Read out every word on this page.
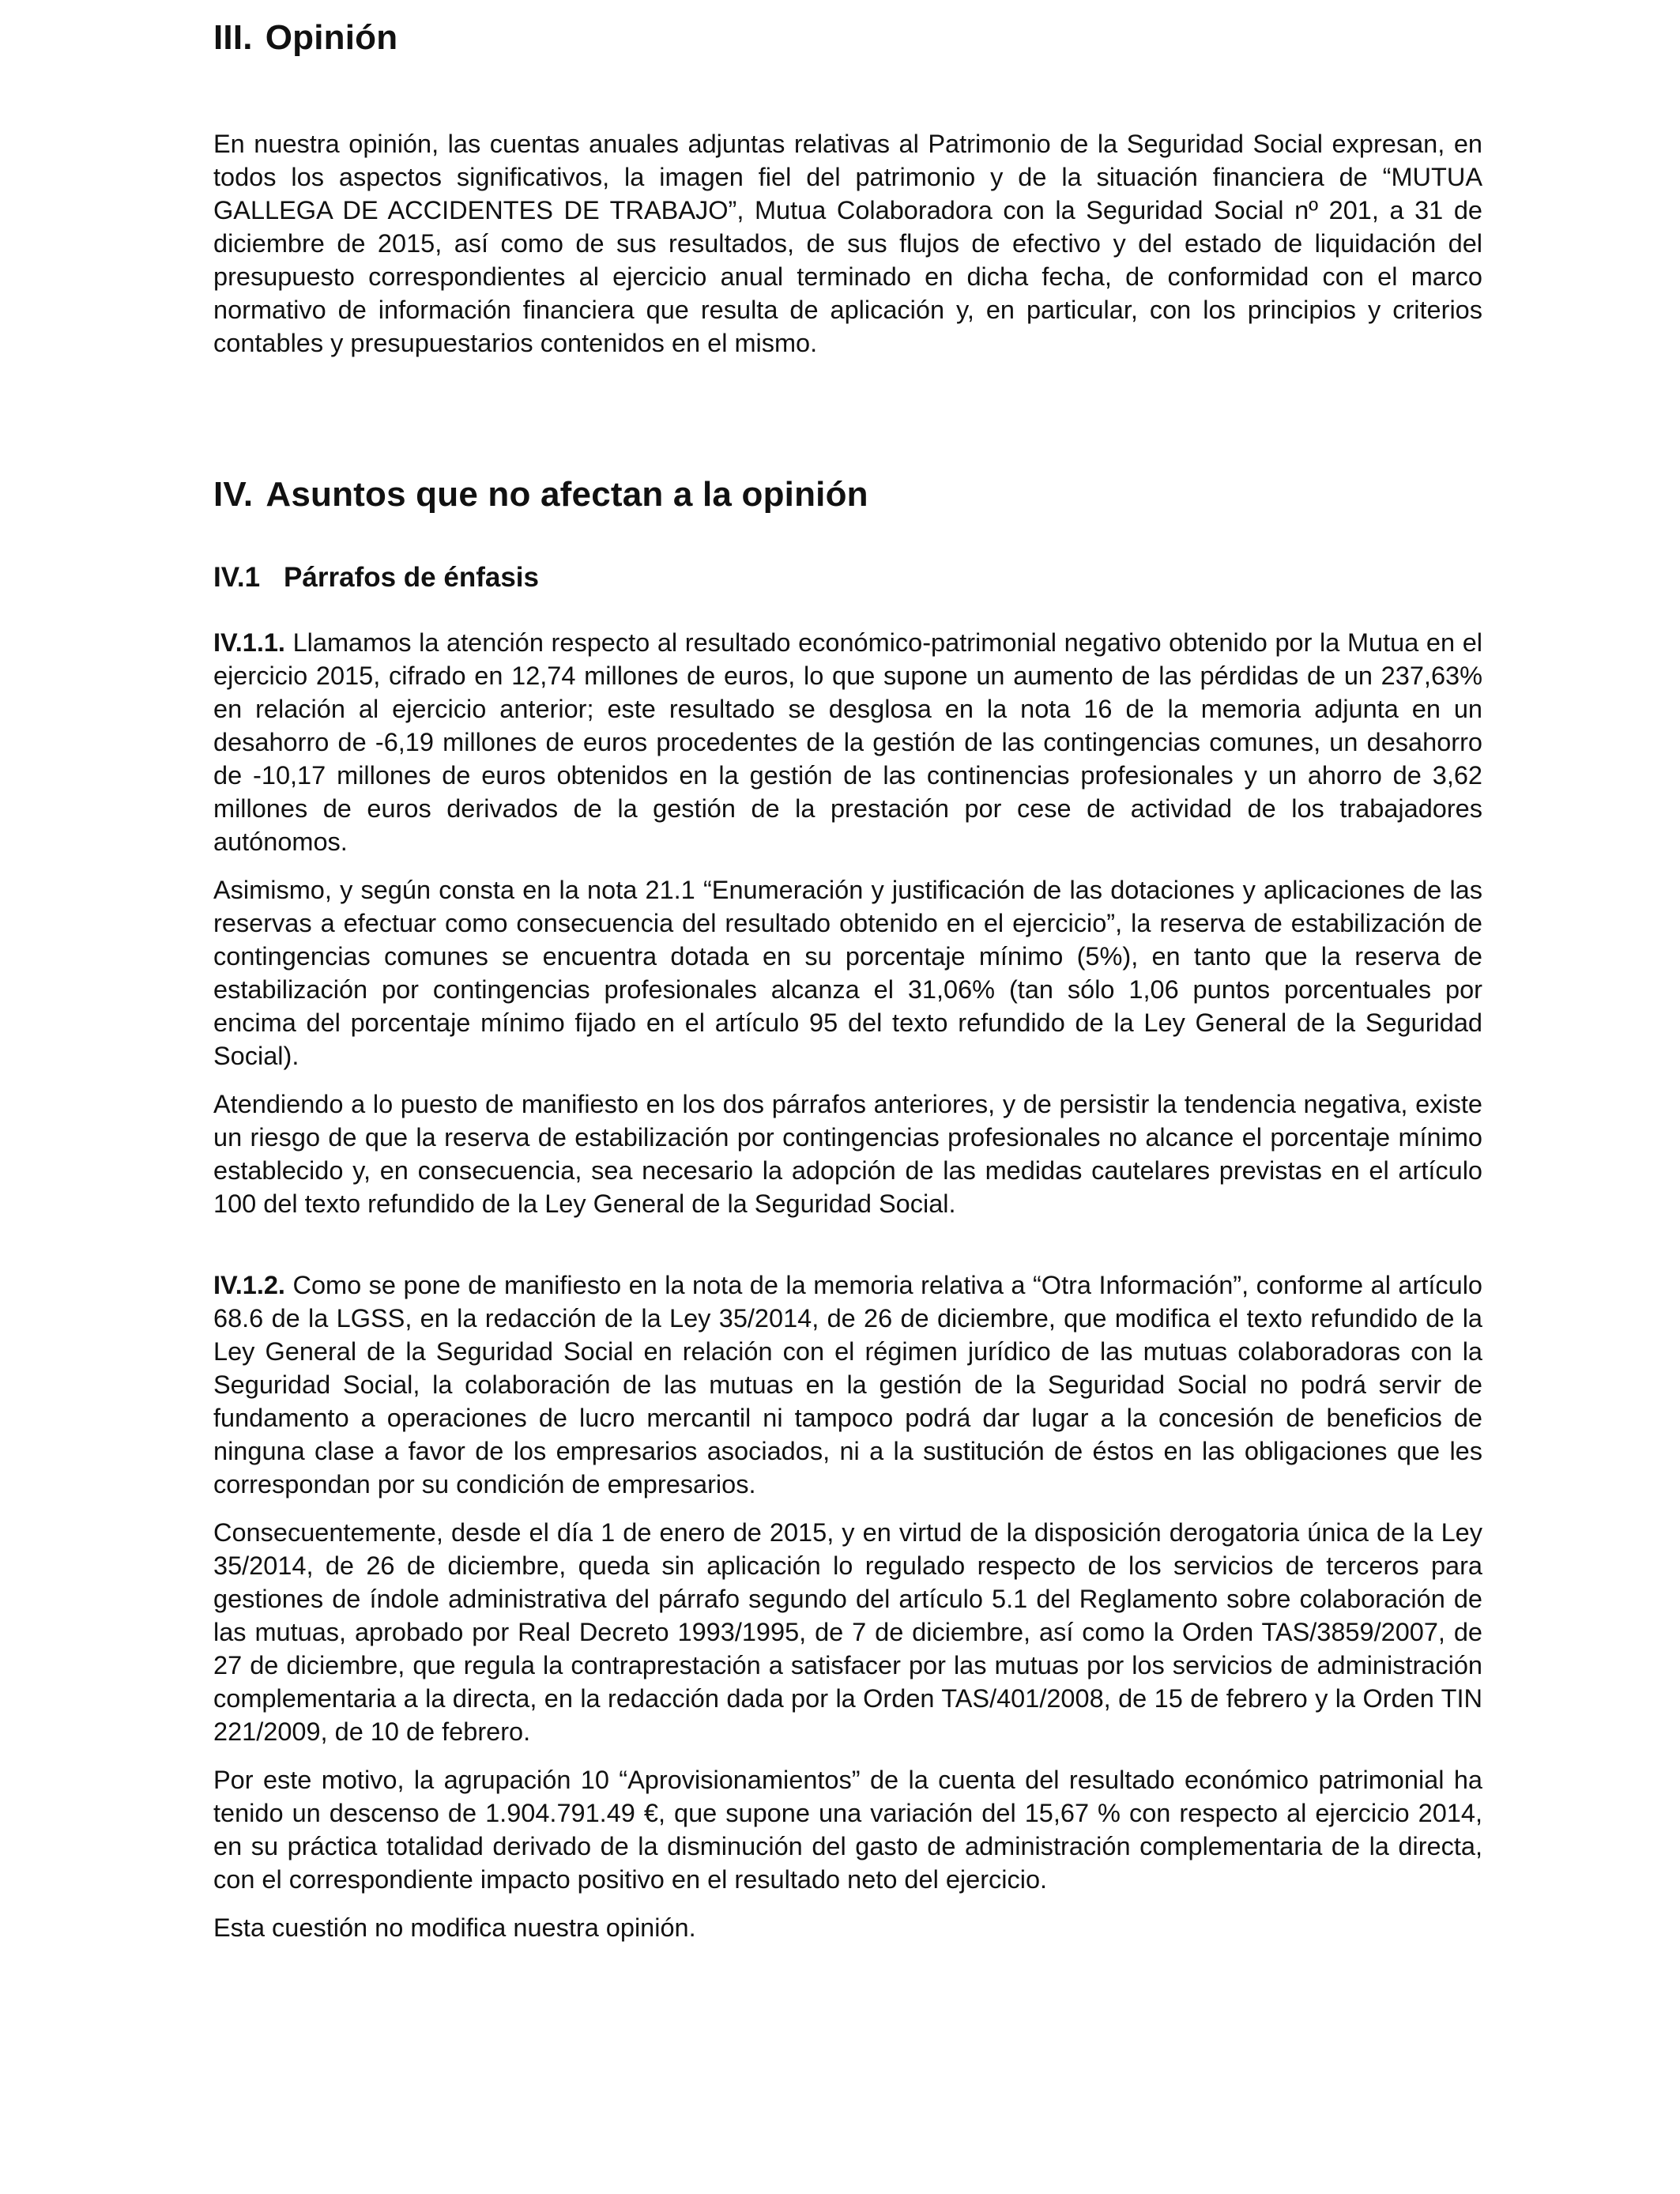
III. Opinión

En nuestra opinión, las cuentas anuales adjuntas relativas al Patrimonio de la Seguridad Social expresan, en todos los aspectos significativos, la imagen fiel del patrimonio y de la situación financiera de “MUTUA GALLEGA DE ACCIDENTES DE TRABAJO”, Mutua Colaboradora con la Seguridad Social nº 201, a 31 de diciembre de 2015, así como de sus resultados, de sus flujos de efectivo y del estado de liquidación del presupuesto correspondientes al ejercicio anual terminado en dicha fecha, de conformidad con el marco normativo de información financiera que resulta de aplicación y, en particular, con los principios y criterios contables y presupuestarios contenidos en el mismo.

IV. Asuntos que no afectan a la opinión
IV.1 Párrafos de énfasis

IV.1.1. Llamamos la atención respecto al resultado económico-patrimonial negativo obtenido por la Mutua en el ejercicio 2015, cifrado en 12,74 millones de euros, lo que supone un aumento de las pérdidas de un 237,63% en relación al ejercicio anterior; este resultado se desglosa en la nota 16 de la memoria adjunta en un desahorro de -6,19 millones de euros procedentes de la gestión de las contingencias comunes, un desahorro de -10,17 millones de euros obtenidos en la gestión de las continencias profesionales y un ahorro de 3,62 millones de euros derivados de la gestión de la prestación por cese de actividad de los trabajadores autónomos.

Asimismo, y según consta en la nota 21.1 “Enumeración y justificación de las dotaciones y aplicaciones de las reservas a efectuar como consecuencia del resultado obtenido en el ejercicio”, la reserva de estabilización de contingencias comunes se encuentra dotada en su porcentaje mínimo (5%), en tanto que la reserva de estabilización por contingencias profesionales alcanza el 31,06% (tan sólo 1,06 puntos porcentuales por encima del porcentaje mínimo fijado en el artículo 95 del texto refundido de la Ley General de la Seguridad Social).

Atendiendo a lo puesto de manifiesto en los dos párrafos anteriores, y de persistir la tendencia negativa, existe un riesgo de que la reserva de estabilización por contingencias profesionales no alcance el porcentaje mínimo establecido y, en consecuencia, sea necesario la adopción de las medidas cautelares previstas en el artículo 100 del texto refundido de la Ley General de la Seguridad Social.

IV.1.2. Como se pone de manifiesto en la nota de la memoria relativa a “Otra Información”, conforme al artículo 68.6 de la LGSS, en la redacción de la Ley 35/2014, de 26 de diciembre, que modifica el texto refundido de la Ley General de la Seguridad Social en relación con el régimen jurídico de las mutuas colaboradoras con la Seguridad Social, la colaboración de las mutuas en la gestión de la Seguridad Social no podrá servir de fundamento a operaciones de lucro mercantil ni tampoco podrá dar lugar a la concesión de beneficios de ninguna clase a favor de los empresarios asociados, ni a la sustitución de éstos en las obligaciones que les correspondan por su condición de empresarios.

Consecuentemente, desde el día 1 de enero de 2015, y en virtud de la disposición derogatoria única de la Ley 35/2014, de 26 de diciembre, queda sin aplicación lo regulado respecto de los servicios de terceros para gestiones de índole administrativa del párrafo segundo del artículo 5.1 del Reglamento sobre colaboración de las mutuas, aprobado por Real Decreto 1993/1995, de 7 de diciembre, así como la Orden TAS/3859/2007, de 27 de diciembre, que regula la contraprestación a satisfacer por las mutuas por los servicios de administración complementaria a la directa, en la redacción dada por la Orden TAS/401/2008, de 15 de febrero y la Orden TIN 221/2009, de 10 de febrero.

Por este motivo, la agrupación 10 “Aprovisionamientos” de la cuenta del resultado económico patrimonial ha tenido un descenso de 1.904.791.49 €, que supone una variación del 15,67 % con respecto al ejercicio 2014, en su práctica totalidad derivado de la disminución del gasto de administración complementaria de la directa, con el correspondiente impacto positivo en el resultado neto del ejercicio.

Esta cuestión no modifica nuestra opinión.
